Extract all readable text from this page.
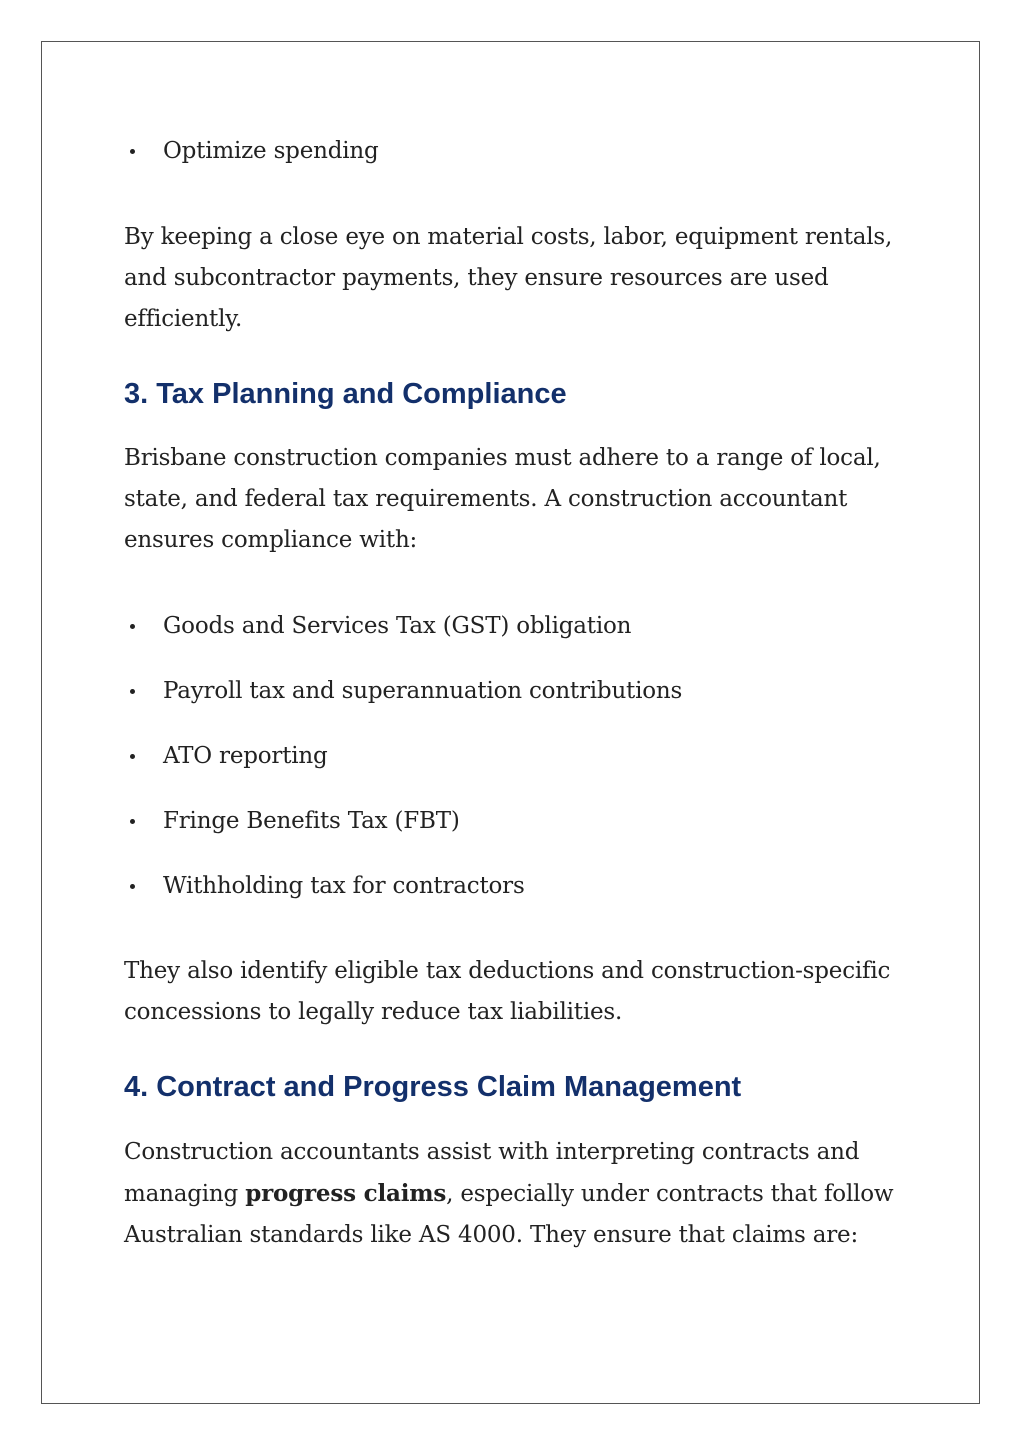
Optimize spending

By keeping a close eye on material costs, labor, equipment rentals, and subcontractor payments, they ensure resources are used efficiently.

3. Tax Planning and Compliance

Brisbane construction companies must adhere to a range of local, state, and federal tax requirements. A construction accountant ensures compliance with:

Goods and Services Tax (GST) obligation
Payroll tax and superannuation contributions
ATO reporting
Fringe Benefits Tax (FBT)
Withholding tax for contractors

They also identify eligible tax deductions and construction-specific concessions to legally reduce tax liabilities.

4. Contract and Progress Claim Management

Construction accountants assist with interpreting contracts and managing progress claims, especially under contracts that follow Australian standards like AS 4000. They ensure that claims are:
